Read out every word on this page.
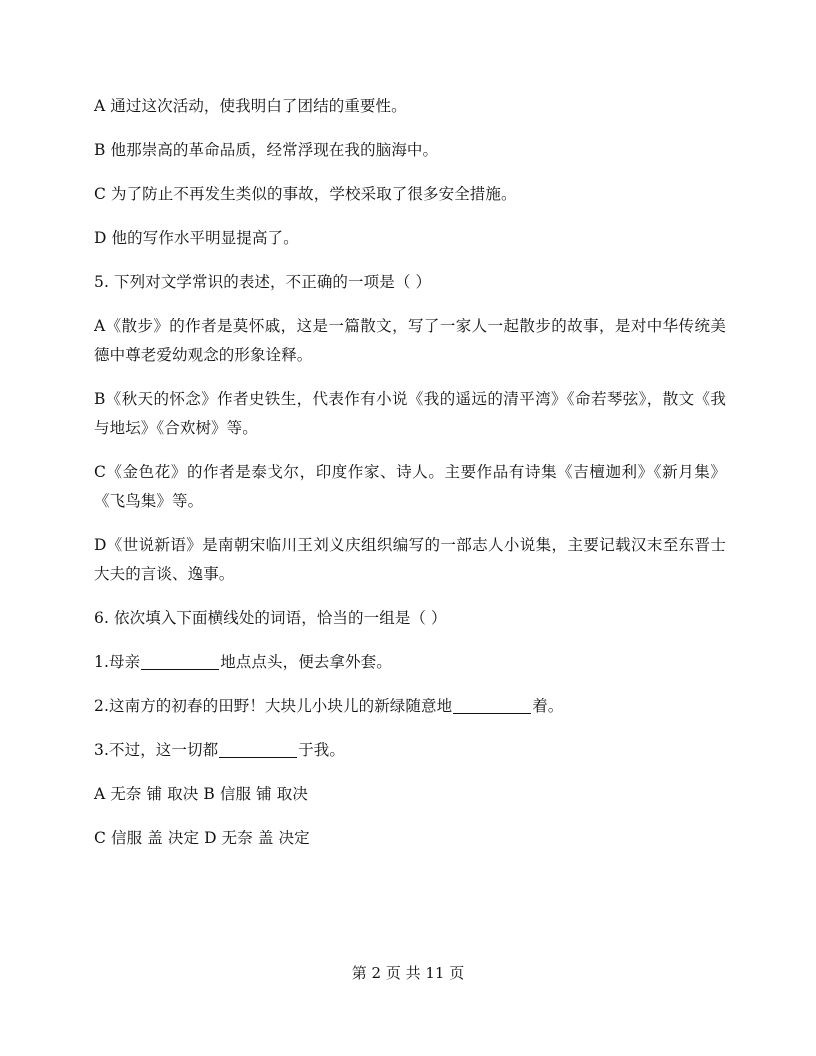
A 通过这次活动，使我明白了团结的重要性。

B 他那崇高的革命品质，经常浮现在我的脑海中。

C 为了防止不再发生类似的事故，学校采取了很多安全措施。

D 他的写作水平明显提高了。

5. 下列对文学常识的表述，不正确的一项是（ ）

A《散步》的作者是莫怀戚，这是一篇散文，写了一家人一起散步的故事，是对中华传统美德中尊老爱幼观念的形象诠释。

B《秋天的怀念》作者史铁生，代表作有小说《我的遥远的清平湾》《命若琴弦》，散文《我与地坛》《合欢树》等。

C《金色花》的作者是泰戈尔，印度作家、诗人。主要作品有诗集《吉檀迦利》《新月集》《飞鸟集》等。

D《世说新语》是南朝宋临川王刘义庆组织编写的一部志人小说集，主要记载汉末至东晋士大夫的言谈、逸事。

6. 依次填入下面横线处的词语，恰当的一组是（ ）

1.母亲	地点点头，便去拿外套。

2.这南方的初春的田野！大块儿小块儿的新绿随意地	着。

3.不过，这一切都	于我。

A 无奈 铺 取决 B 信服 铺 取决

C 信服 盖 决定 D 无奈 盖 决定

第 2 页 共 11 页
